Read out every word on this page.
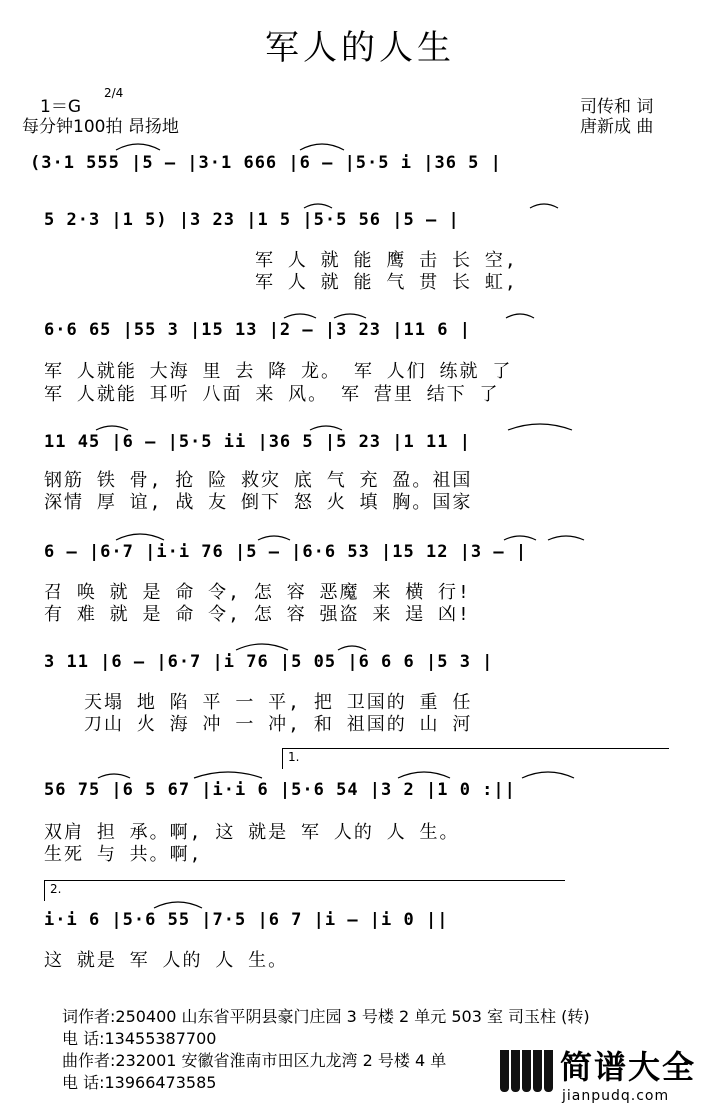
军人的人生
1＝G
2/4
每分钟100拍 昂扬地
司传和 词
唐新成 曲
(3·1 555 |5 – |3·1 666 |6 – |5·5 i |36 5 |
5 2·3 |1 5) |3 23 |1 5 |5·5 56 |5 – |
军 人 就 能 鹰 击 长 空,
军 人 就 能 气 贯 长 虹,
6·6 65 |55 3 |15 13 |2 – |3 23 |11 6 |
军 人就能 大海 里 去 降 龙。 军 人们 练就 了
军 人就能 耳听 八面 来 风。 军 营里 结下 了
11 45 |6 – |5·5 ii |36 5 |5 23 |1 11 |
钢筋 铁 骨, 抢 险 救灾 底 气 充 盈。祖国
深情 厚 谊, 战 友 倒下 怒 火 填 胸。国家
6 – |6·7 |i·i 76 |5 – |6·6 53 |15 12 |3 – |
召 唤 就 是 命 令, 怎 容 恶魔 来 横 行!
有 难 就 是 命 令, 怎 容 强盗 来 逞 凶!
3 11 |6 – |6·7 |i 76 |5 05 |6 6 6 |5 3 |
天塌 地 陷 平 一 平, 把 卫国的 重 任
刀山 火 海 冲 一 冲, 和 祖国的 山 河
1.
56 75 |6 5 67 |i·i 6 |5·6 54 |3 2 |1 0 :||
双肩 担 承。啊, 这 就是 军 人的 人 生。
生死 与 共。啊,
2.
i·i 6 |5·6 55 |7·5 |6 7 |i – |i 0 ||
这 就是 军 人的 人 生。
词作者:250400 山东省平阴县豪门庄园 3 号楼 2 单元 503 室 司玉柱 (转)
电 话:13455387700
曲作者:232001 安徽省淮南市田区九龙湾 2 号楼 4 单
电 话:13966473585	简谱大全
jianpudq.com
